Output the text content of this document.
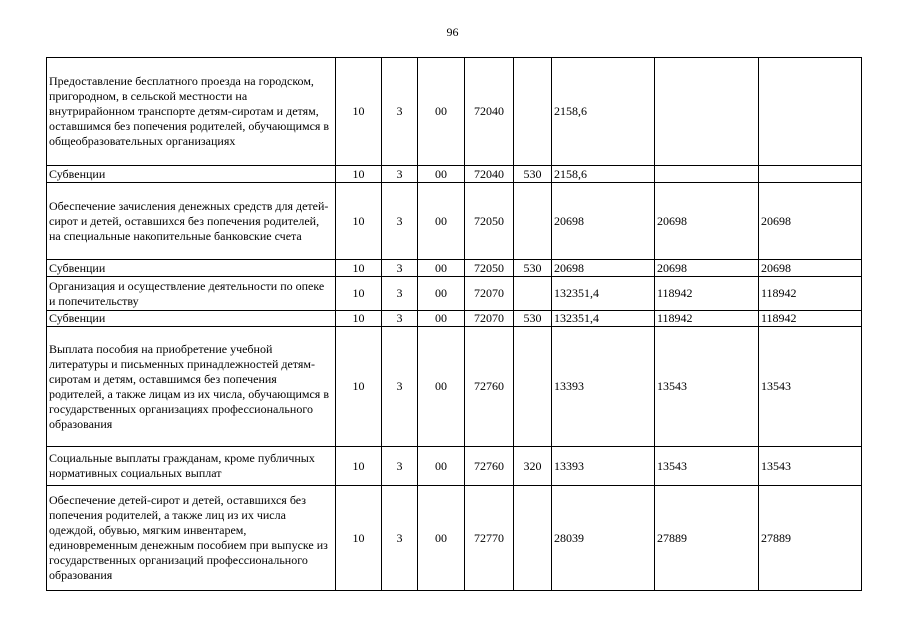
96
Предоставление бесплатного проезда на городском, пригородном, в сельской местности на внутрирайонном транспорте детям-сиротам и детям, оставшимся без попечения родителей, обучающимся в общеобразовательных организациях	10	3	00	72040		2158,6		
Субвенции	10	3	00	72040	530	2158,6		
Обеспечение зачисления денежных средств для детей-сирот и детей, оставшихся без попечения родителей, на специальные накопительные банковские счета	10	3	00	72050		20698	20698	20698
Субвенции	10	3	00	72050	530	20698	20698	20698
Организация и осуществление деятельности по опеке и попечительству	10	3	00	72070		132351,4	118942	118942
Субвенции	10	3	00	72070	530	132351,4	118942	118942
Выплата пособия на приобретение учебной литературы и письменных принадлежностей детям-сиротам и детям, оставшимся без попечения родителей, а также лицам из их числа, обучающимся в государственных организациях профессионального образования	10	3	00	72760		13393	13543	13543
Социальные выплаты гражданам, кроме публичных нормативных социальных выплат	10	3	00	72760	320	13393	13543	13543
Обеспечение детей-сирот и детей, оставшихся без попечения родителей, а также лиц из их числа одеждой, обувью, мягким инвентарем, единовременным денежным пособием при выпуске из государственных организаций профессионального образования	10	3	00	72770		28039	27889	27889
